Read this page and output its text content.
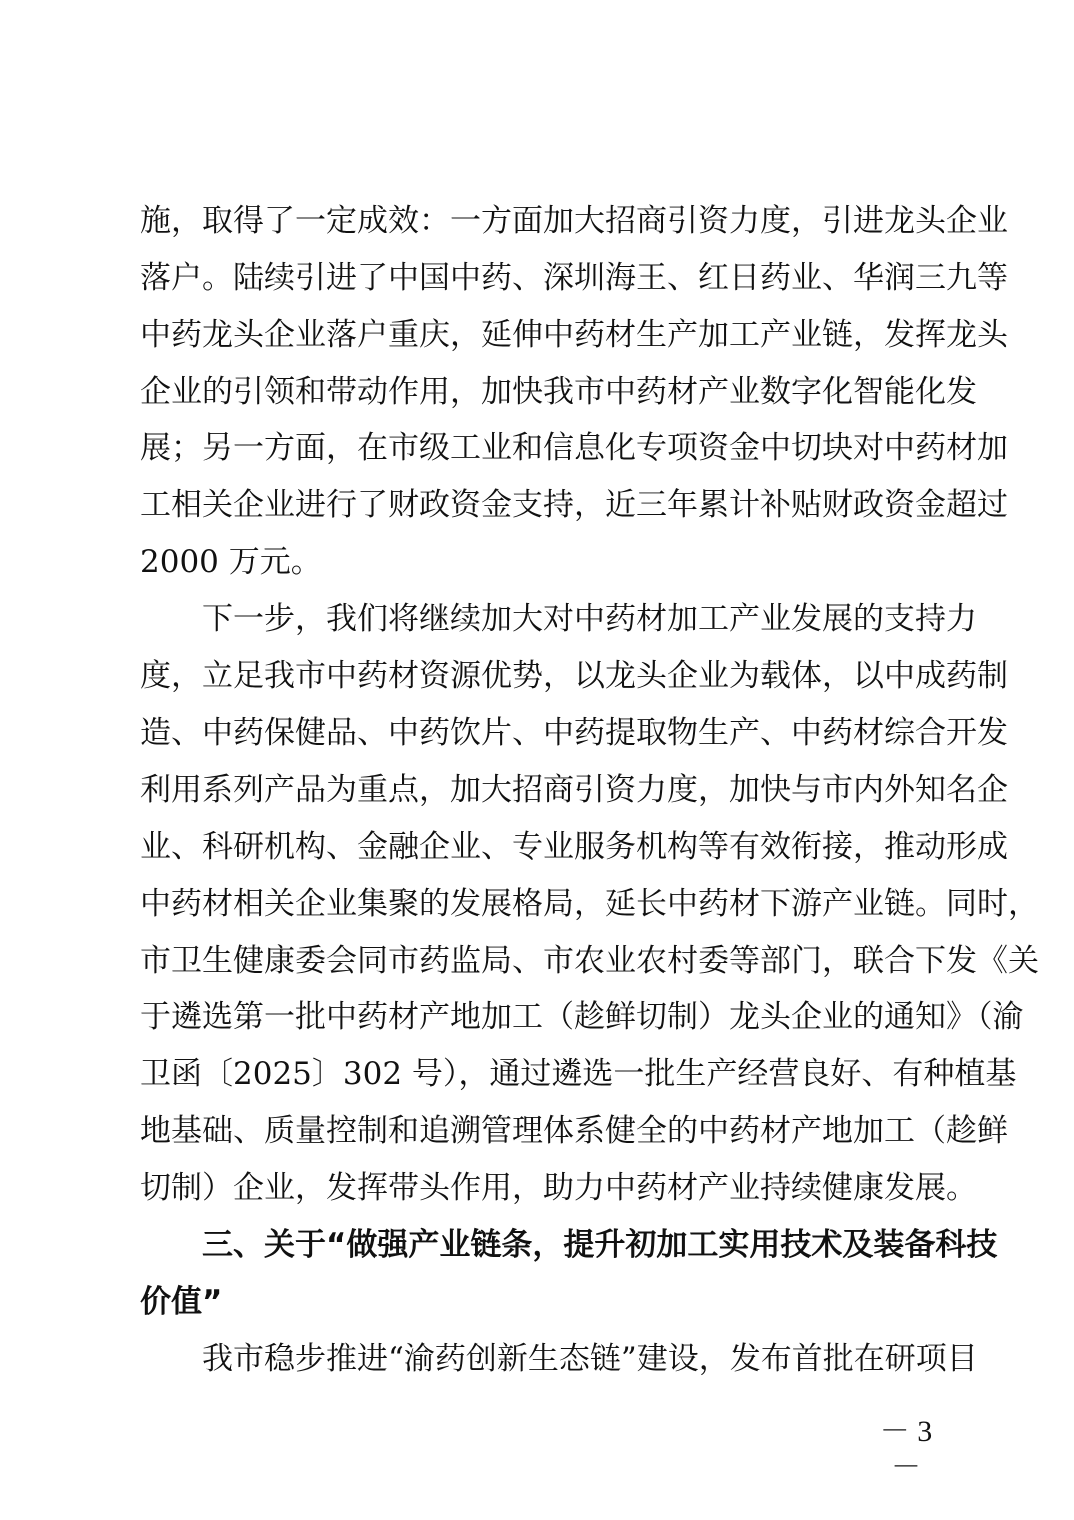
施，取得了一定成效：一方面加大招商引资力度，引进龙头企业
落户。陆续引进了中国中药、深圳海王、红日药业、华润三九等
中药龙头企业落户重庆，延伸中药材生产加工产业链，发挥龙头
企业的引领和带动作用，加快我市中药材产业数字化智能化发
展；另一方面，在市级工业和信息化专项资金中切块对中药材加
工相关企业进行了财政资金支持，近三年累计补贴财政资金超过
2000 万元。
下一步，我们将继续加大对中药材加工产业发展的支持力
度，立足我市中药材资源优势，以龙头企业为载体，以中成药制
造、中药保健品、中药饮片、中药提取物生产、中药材综合开发
利用系列产品为重点，加大招商引资力度，加快与市内外知名企
业、科研机构、金融企业、专业服务机构等有效衔接，推动形成
中药材相关企业集聚的发展格局，延长中药材下游产业链。同时，
市卫生健康委会同市药监局、市农业农村委等部门，联合下发《关
于遴选第一批中药材产地加工（趁鲜切制）龙头企业的通知》（渝
卫函〔2025〕302 号），通过遴选一批生产经营良好、有种植基
地基础、质量控制和追溯管理体系健全的中药材产地加工（趁鲜
切制）企业，发挥带头作用，助力中药材产业持续健康发展。
三、关于“做强产业链条，提升初加工实用技术及装备科技
价值”
我市稳步推进“渝药创新生态链”建设，发布首批在研项目
－ 3 －
